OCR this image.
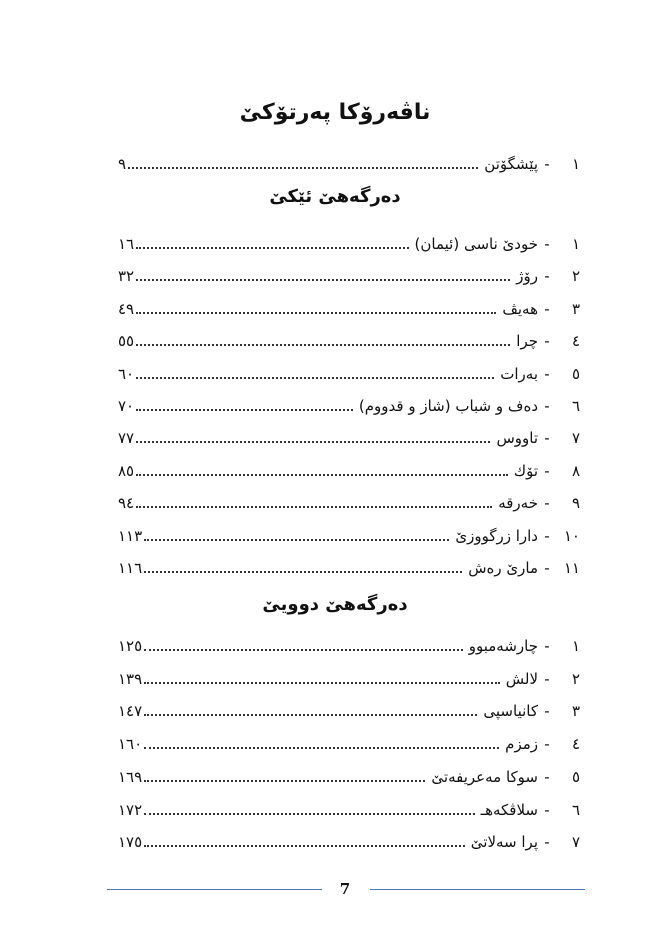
ناڤەرۆكا پەرتۆكێ
١
-
پێشگۆتن
٩
دەرگەهێ ئێكێ
١
-
خودێ ناسی (ئیمان)
١٦
٢
-
رۆژ
٣٢
٣
-
هەیڤ
٤٩
٤
-
چرا
٥٥
٥
-
بەرات
٦٠
٦
-
دەف و شباب (شاز و قدووم)
٧٠
٧
-
تاووس
٧٧
٨
-
تۆك
٨٥
٩
-
خەرقە
٩٤
١٠
-
دارا زرگووزێ
١١٣
١١
-
مارێ رەش
١١٦
دەرگەهێ دوویێ
١
-
چارشەمبوو
١٢٥
٢
-
لالش
١٣٩
٣
-
كانیاسپی
١٤٧
٤
-
زمزم
١٦٠
٥
-
سوكا مەعریفەتێ
١٦٩
٦
-
سلاڤكەهـ
١٧٢
٧
-
پرا سەلاتێ
١٧٥
7
